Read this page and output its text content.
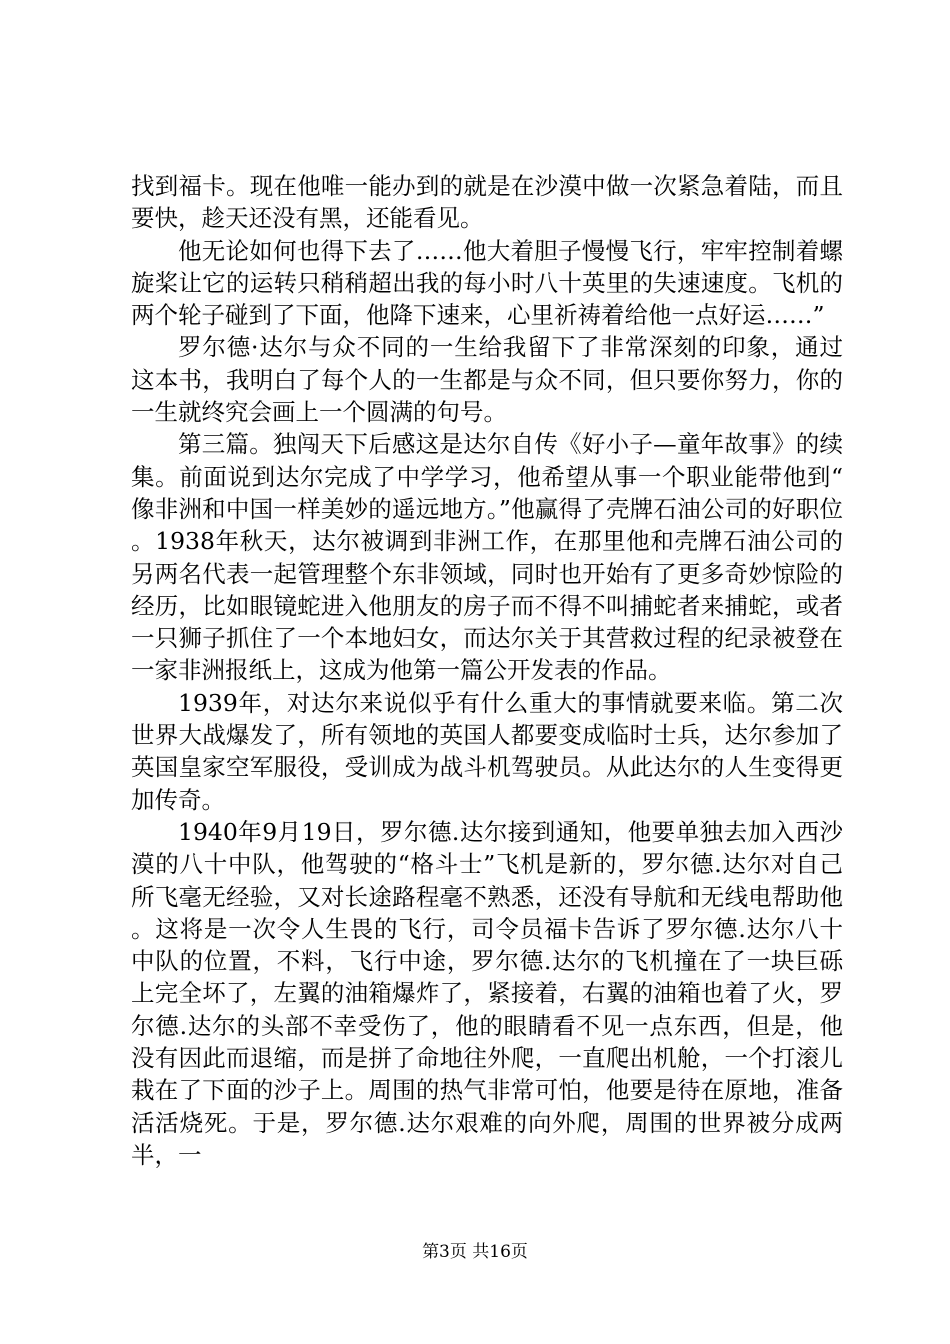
找到福卡。现在他唯一能办到的就是在沙漠中做一次紧急着陆，而且要快，趁天还没有黑，还能看见。

他无论如何也得下去了……他大着胆子慢慢飞行，牢牢控制着螺旋桨让它的运转只稍稍超出我的每小时八十英里的失速速度。飞机的两个轮子碰到了下面，他降下速来，心里祈祷着给他一点好运……”

罗尔德·达尔与众不同的一生给我留下了非常深刻的印象，通过这本书，我明白了每个人的一生都是与众不同，但只要你努力，你的一生就终究会画上一个圆满的句号。

第三篇。独闯天下后感这是达尔自传《好小子—童年故事》的续集。前面说到达尔完成了中学学习，他希望从事一个职业能带他到“像非洲和中国一样美妙的遥远地方。”他赢得了壳牌石油公司的好职位。1938年秋天，达尔被调到非洲工作，在那里他和壳牌石油公司的另两名代表一起管理整个东非领域，同时也开始有了更多奇妙惊险的经历，比如眼镜蛇进入他朋友的房子而不得不叫捕蛇者来捕蛇，或者一只狮子抓住了一个本地妇女，而达尔关于其营救过程的纪录被登在一家非洲报纸上，这成为他第一篇公开发表的作品。

1939年，对达尔来说似乎有什么重大的事情就要来临。第二次世界大战爆发了，所有领地的英国人都要变成临时士兵，达尔参加了英国皇家空军服役，受训成为战斗机驾驶员。从此达尔的人生变得更加传奇。

1940年9月19日，罗尔德.达尔接到通知，他要单独去加入西沙漠的八十中队，他驾驶的“格斗士”飞机是新的，罗尔德.达尔对自己所飞毫无经验，又对长途路程毫不熟悉，还没有导航和无线电帮助他。这将是一次令人生畏的飞行，司令员福卡告诉了罗尔德.达尔八十中队的位置，不料，飞行中途，罗尔德.达尔的飞机撞在了一块巨砾上完全坏了，左翼的油箱爆炸了，紧接着，右翼的油箱也着了火，罗尔德.达尔的头部不幸受伤了，他的眼睛看不见一点东西，但是，他没有因此而退缩，而是拼了命地往外爬，一直爬出机舱，一个打滚儿栽在了下面的沙子上。周围的热气非常可怕，他要是待在原地，准备活活烧死。于是，罗尔德.达尔艰难的向外爬，周围的世界被分成两半，一

第3页 共16页
